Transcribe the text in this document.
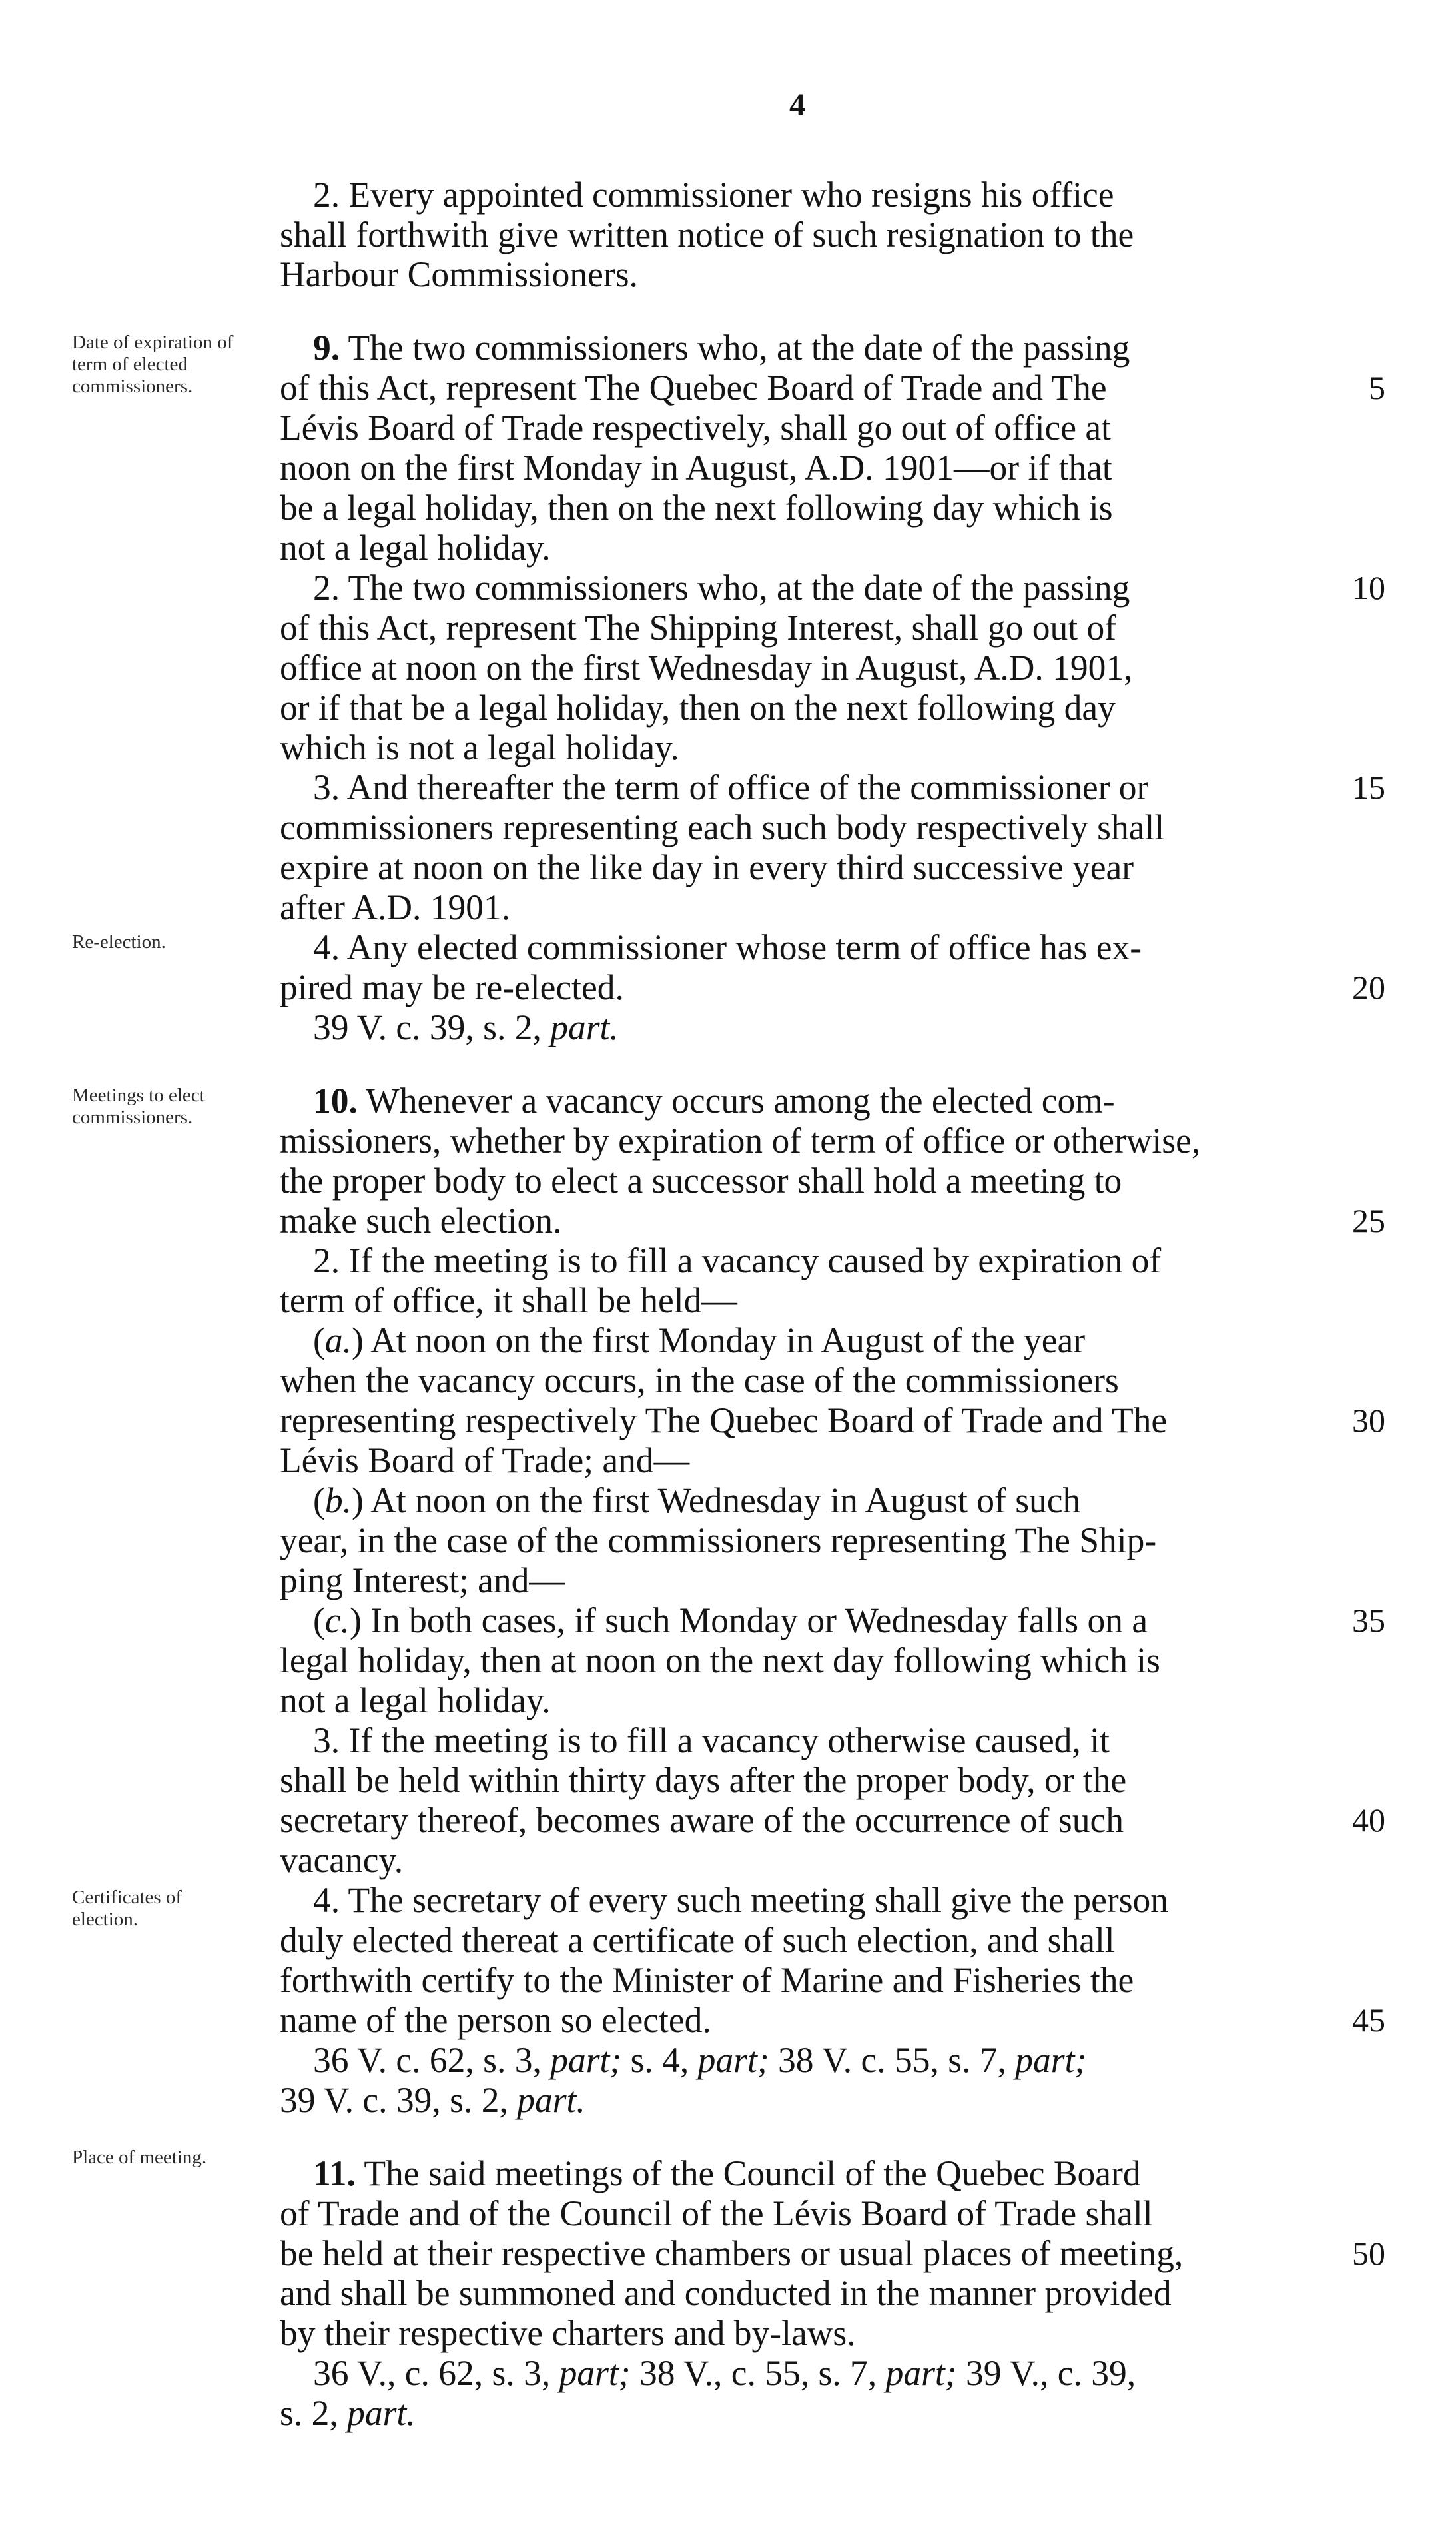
4
Date of expiration of term of elected commissioners.
Re-election.
Meetings to elect commissioners.
Certificates of election.
Place of meeting.
2. Every appointed commissioner who resigns his office
shall forthwith give written notice of such resignation to the
Harbour Commissioners.
9. The two commissioners who, at the date of the passing
of this Act, represent The Quebec Board of Trade and The
Lévis Board of Trade respectively, shall go out of office at
noon on the first Monday in August, A.D. 1901—or if that
be a legal holiday, then on the next following day which is
not a legal holiday.
2. The two commissioners who, at the date of the passing
of this Act, represent The Shipping Interest, shall go out of
office at noon on the first Wednesday in August, A.D. 1901,
or if that be a legal holiday, then on the next following day
which is not a legal holiday.
3. And thereafter the term of office of the commissioner or
commissioners representing each such body respectively shall
expire at noon on the like day in every third successive year
after A.D. 1901.
4. Any elected commissioner whose term of office has ex-
pired may be re-elected.
39 V. c. 39, s. 2, part.
10. Whenever a vacancy occurs among the elected com-
missioners, whether by expiration of term of office or otherwise,
the proper body to elect a successor shall hold a meeting to
make such election.
2. If the meeting is to fill a vacancy caused by expiration of
term of office, it shall be held—
(a.) At noon on the first Monday in August of the year
when the vacancy occurs, in the case of the commissioners
representing respectively The Quebec Board of Trade and The
Lévis Board of Trade; and—
(b.) At noon on the first Wednesday in August of such
year, in the case of the commissioners representing The Ship-
ping Interest; and—
(c.) In both cases, if such Monday or Wednesday falls on a
legal holiday, then at noon on the next day following which is
not a legal holiday.
3. If the meeting is to fill a vacancy otherwise caused, it
shall be held within thirty days after the proper body, or the
secretary thereof, becomes aware of the occurrence of such
vacancy.
4. The secretary of every such meeting shall give the person
duly elected thereat a certificate of such election, and shall
forthwith certify to the Minister of Marine and Fisheries the
name of the person so elected.
36 V. c. 62, s. 3, part; s. 4, part; 38 V. c. 55, s. 7, part;
39 V. c. 39, s. 2, part.
11. The said meetings of the Council of the Quebec Board
of Trade and of the Council of the Lévis Board of Trade shall
be held at their respective chambers or usual places of meeting,
and shall be summoned and conducted in the manner provided
by their respective charters and by-laws.
36 V., c. 62, s. 3, part; 38 V., c. 55, s. 7, part; 39 V., c. 39,
s. 2, part.
5
10
15
20
25
30
35
40
45
50
